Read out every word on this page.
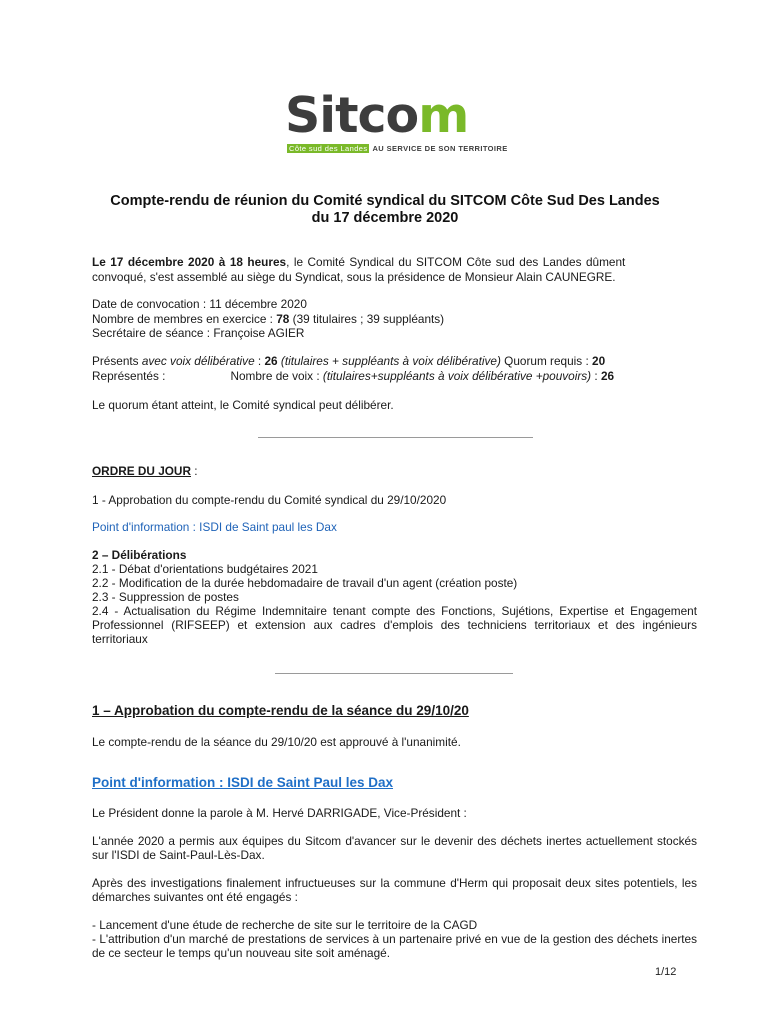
Sitcom
Côte sud des Landes AU SERVICE DE SON TERRITOIRE
Compte-rendu de réunion du Comité syndical du SITCOM Côte Sud Des Landes
du 17 décembre 2020
Le 17 décembre 2020 à 18 heures, le Comité Syndical du SITCOM Côte sud des Landes dûment
convoqué, s'est assemblé au siège du Syndicat, sous la présidence de Monsieur Alain CAUNEGRE.
Date de convocation : 11 décembre 2020
Nombre de membres en exercice : 78 (39 titulaires ; 39 suppléants)
Secrétaire de séance : Françoise AGIER
Présents avec voix délibérative : 26 (titulaires + suppléants à voix délibérative) Quorum requis : 20
Représentés :	Nombre de voix : (titulaires+suppléants à voix délibérative +pouvoirs) : 26
Le quorum étant atteint, le Comité syndical peut délibérer.
ORDRE DU JOUR :
1 - Approbation du compte-rendu du Comité syndical du 29/10/2020
Point d'information : ISDI de Saint paul les Dax
2 – Délibérations
2.1 - Débat d'orientations budgétaires 2021
2.2 - Modification de la durée hebdomadaire de travail d'un agent (création poste)
2.3 - Suppression de postes
2.4 - Actualisation du Régime Indemnitaire tenant compte des Fonctions, Sujétions, Expertise et Engagement Professionnel (RIFSEEP) et extension aux cadres d'emplois des techniciens territoriaux et des ingénieurs territoriaux
1 – Approbation du compte-rendu de la séance du 29/10/20
Le compte-rendu de la séance du 29/10/20 est approuvé à l'unanimité.
Point d'information : ISDI de Saint Paul les Dax
Le Président donne la parole à M. Hervé DARRIGADE, Vice-Président :
L'année 2020 a permis aux équipes du Sitcom d'avancer sur le devenir des déchets inertes actuellement stockés sur l'ISDI de Saint-Paul-Lès-Dax.
Après des investigations finalement infructueuses sur la commune d'Herm qui proposait deux sites potentiels, les démarches suivantes ont été engagés :
- Lancement d'une étude de recherche de site sur le territoire de la CAGD
- L'attribution d'un marché de prestations de services à un partenaire privé en vue de la gestion des déchets inertes de ce secteur le temps qu'un nouveau site soit aménagé.
1/12
